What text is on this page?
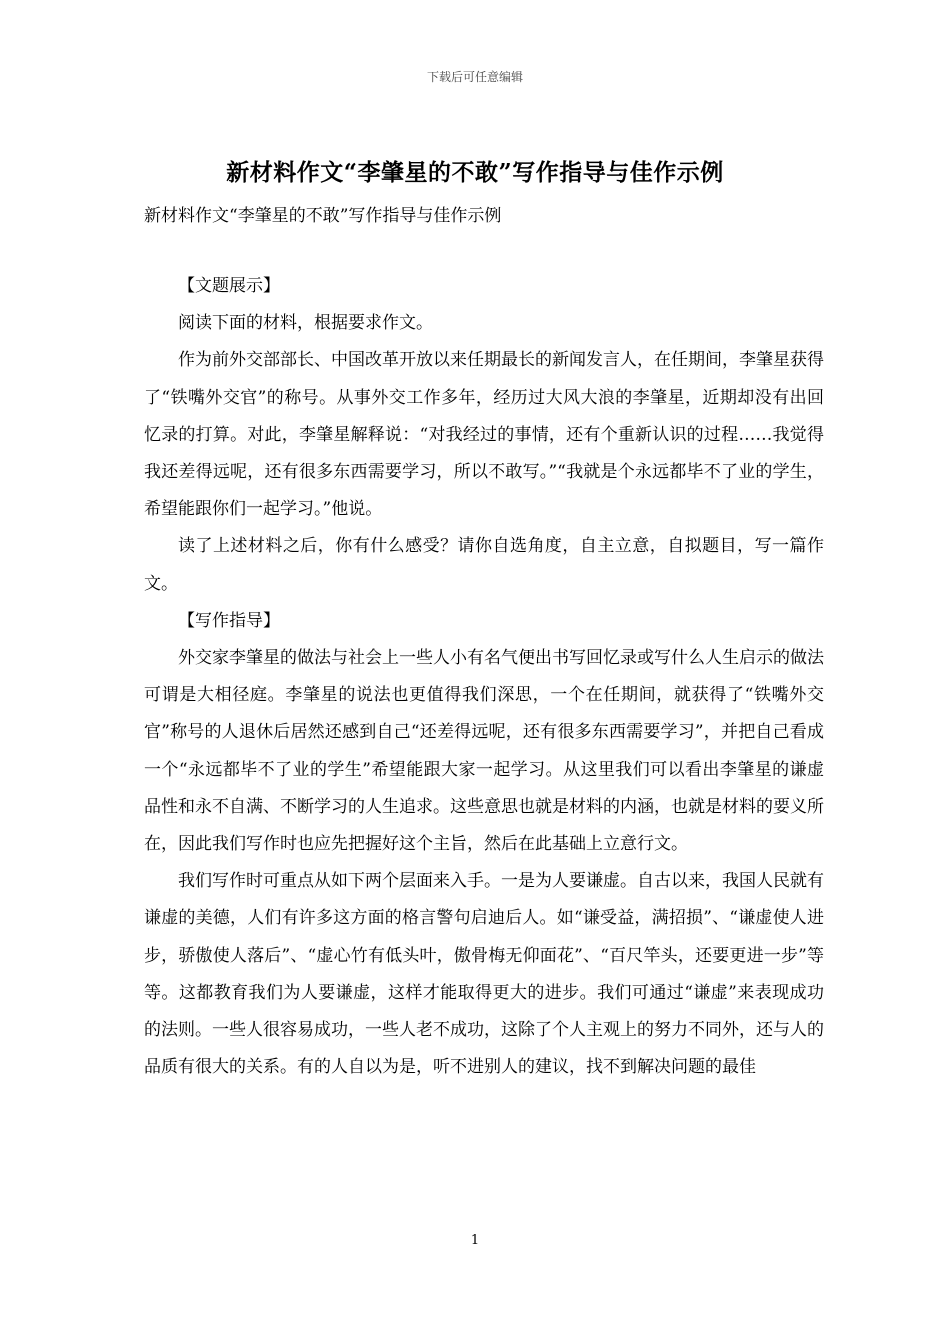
下载后可任意编辑
新材料作文“李肇星的不敢”写作指导与佳作示例
新材料作文“李肇星的不敢”写作指导与佳作示例

【文题展示】

阅读下面的材料，根据要求作文。

作为前外交部部长、中国改革开放以来任期最长的新闻发言人，在任期间，李肇星获得了“铁嘴外交官”的称号。从事外交工作多年，经历过大风大浪的李肇星，近期却没有出回忆录的打算。对此，李肇星解释说：“对我经过的事情，还有个重新认识的过程……我觉得我还差得远呢，还有很多东西需要学习，所以不敢写。”“我就是个永远都毕不了业的学生，希望能跟你们一起学习。”他说。

读了上述材料之后，你有什么感受？请你自选角度，自主立意，自拟题目，写一篇作文。

【写作指导】

外交家李肇星的做法与社会上一些人小有名气便出书写回忆录或写什么人生启示的做法可谓是大相径庭。李肇星的说法也更值得我们深思，一个在任期间，就获得了“铁嘴外交官”称号的人退休后居然还感到自己“还差得远呢，还有很多东西需要学习”，并把自己看成一个“永远都毕不了业的学生”希望能跟大家一起学习。从这里我们可以看出李肇星的谦虚品性和永不自满、不断学习的人生追求。这些意思也就是材料的内涵，也就是材料的要义所在，因此我们写作时也应先把握好这个主旨，然后在此基础上立意行文。

我们写作时可重点从如下两个层面来入手。一是为人要谦虚。自古以来，我国人民就有谦虚的美德，人们有许多这方面的格言警句启迪后人。如“谦受益，满招损”、“谦虚使人进步，骄傲使人落后”、“虚心竹有低头叶，傲骨梅无仰面花”、“百尺竿头，还要更进一步”等等。这都教育我们为人要谦虚，这样才能取得更大的进步。我们可通过“谦虚”来表现成功的法则。一些人很容易成功，一些人老不成功，这除了个人主观上的努力不同外，还与人的品质有很大的关系。有的人自以为是，听不进别人的建议，找不到解决问题的最佳

1
